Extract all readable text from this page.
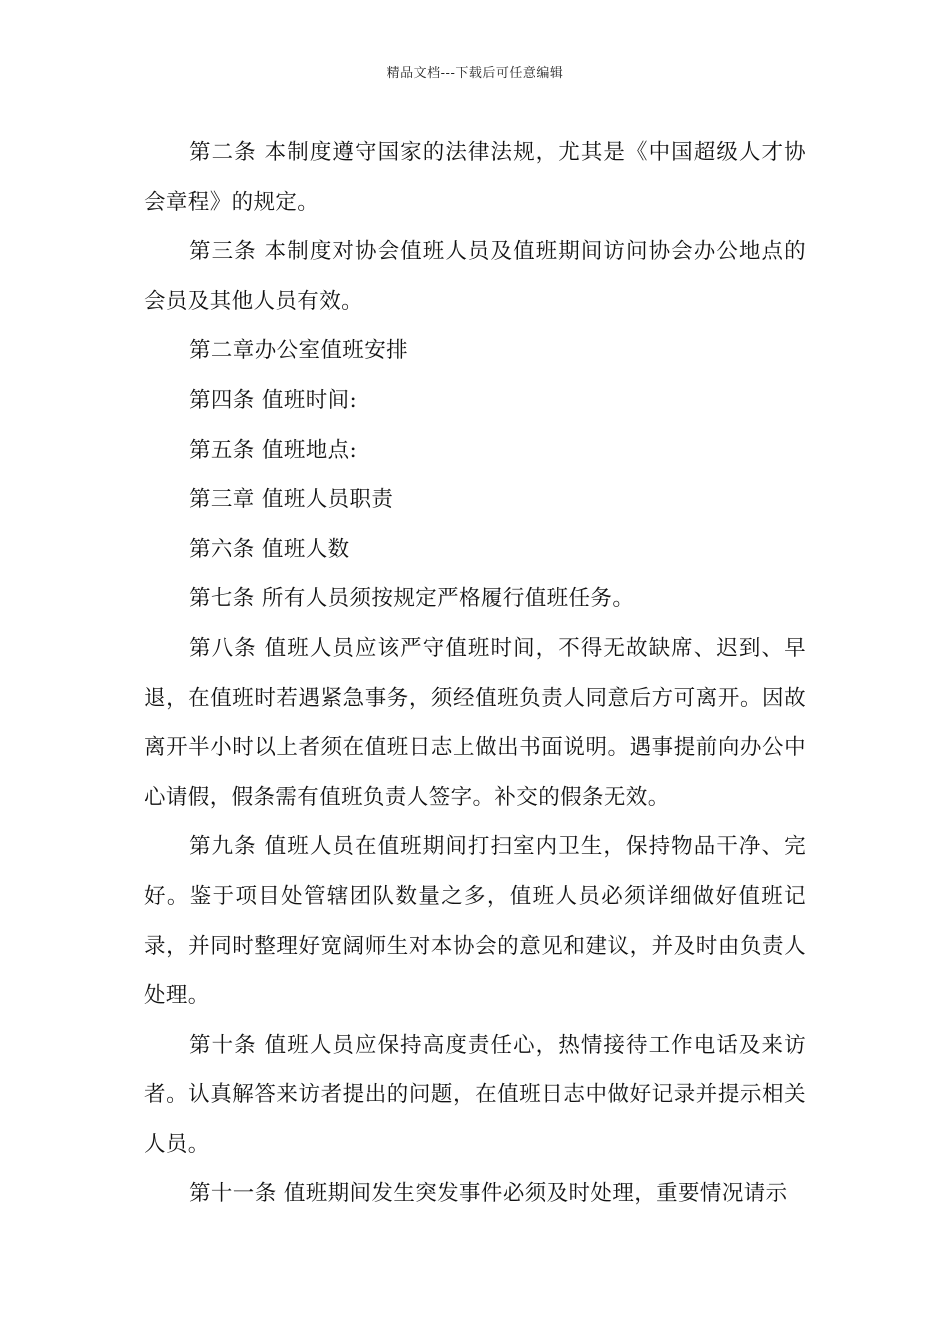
精品文档---下载后可任意编辑

第二条 本制度遵守国家的法律法规，尤其是《中国超级人才协会章程》的规定。

第三条 本制度对协会值班人员及值班期间访问协会办公地点的会员及其他人员有效。

第二章办公室值班安排

第四条 值班时间:

第五条 值班地点:

第三章 值班人员职责

第六条 值班人数

第七条 所有人员须按规定严格履行值班任务。

第八条 值班人员应该严守值班时间，不得无故缺席、迟到、早退，在值班时若遇紧急事务，须经值班负责人同意后方可离开。因故离开半小时以上者须在值班日志上做出书面说明。遇事提前向办公中心请假，假条需有值班负责人签字。补交的假条无效。

第九条 值班人员在值班期间打扫室内卫生，保持物品干净、完好。鉴于项目处管辖团队数量之多，值班人员必须详细做好值班记录，并同时整理好宽阔师生对本协会的意见和建议，并及时由负责人处理。

第十条 值班人员应保持高度责任心，热情接待工作电话及来访者。认真解答来访者提出的问题，在值班日志中做好记录并提示相关人员。

第十一条 值班期间发生突发事件必须及时处理，重要情况请示
